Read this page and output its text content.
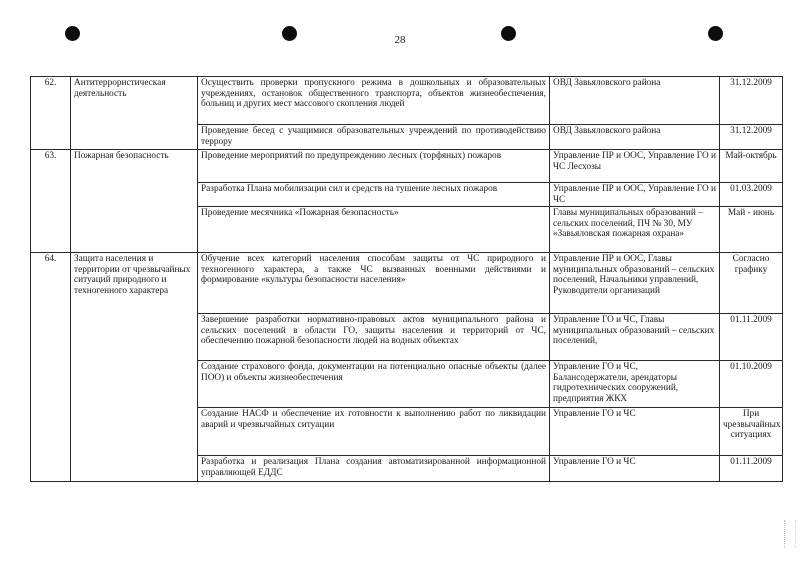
28
62.	Антитеррористическая деятельность	Осуществить проверки пропускного режима в дошкольных и образовательных учреждениях, остановок общественного транспорта, объектов жизнеобеспечения, больниц и других мест массового скопления людей	ОВД Завьяловского района	31.12.2009
		Проведение бесед с учащимися образовательных учреждений по противодействию террору	ОВД Завьяловского района	31.12.2009
63.	Пожарная безопасность	Проведение мероприятий по предупреждению лесных (торфяных) пожаров	Управление ПР и ООС, Управление ГО и ЧС Лесхозы	Май-октябрь
		Разработка Плана мобилизации сил и средств на тушение лесных пожаров	Управление ПР и ООС, Управление ГО и ЧС	01.03.2009
		Проведение месячника «Пожарная безопасность»	Главы муниципальных образований – сельских поселений, ПЧ № 30, МУ «Завьяловская пожарная охрана»	Май - июнь
64.	Защита населения и территории от чрезвычайных ситуаций природного и техногенного характера	Обучение всех категорий населения способам защиты от ЧС природного и техногенного характера, а также ЧС вызванных военными действиями и формирование «культуры безопасности населения»	Управление ПР и ООС, Главы муниципальных образований – сельских поселений, Начальники управлений, Руководители организаций	Согласно графику
		Завершение разработки нормативно-правовых актов муниципального района и сельских поселений в области ГО, защиты населения и территорий от ЧС, обеспечению пожарной безопасности людей на водных объектах	Управление ГО и ЧС, Главы муниципальных образований – сельских поселений,	01.11.2009
		Создание страхового фонда, документации на потенциально опасные объекты (далее ПОО) и объекты жизнеобеспечения	Управление ГО и ЧС, Балансодержатели, арендаторы гидротехнических сооружений, предприятия ЖКХ	01.10.2009
		Создание НАСФ и обеспечение их готовности к выполнению работ по ликвидации аварий и чрезвычайных ситуации	Управление ГО и ЧС	При чрезвычайных ситуациях
		Разработка и реализация Плана создания автоматизированной информационной управляющей ЕДДС	Управление ГО и ЧС	01.11.2009
